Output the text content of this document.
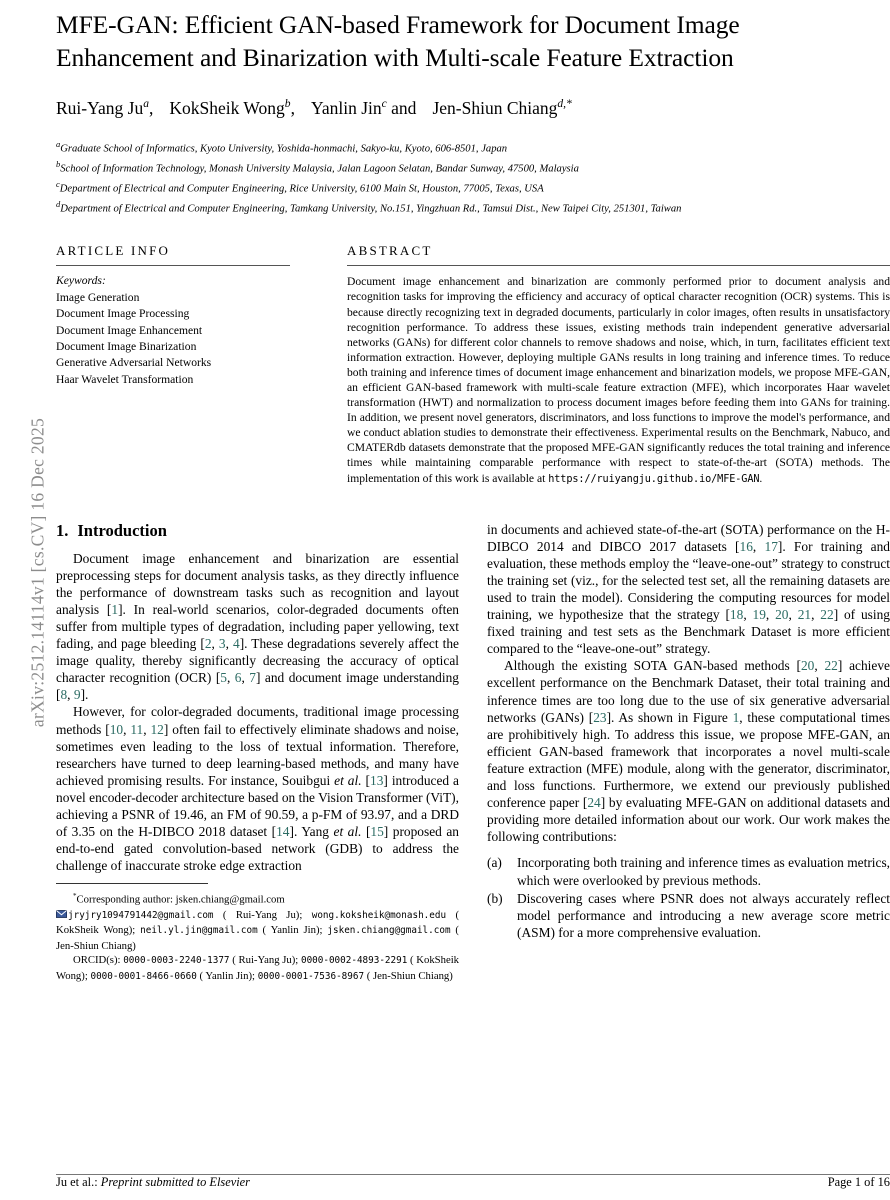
arXiv:2512.14114v1 [cs.CV] 16 Dec 2025
MFE-GAN: Efficient GAN-based Framework for Document Image
Enhancement and Binarization with Multi-scale Feature Extraction
Rui-Yang Ju$^a$, KokSheik Wong$^b$, Yanlin Jin$^c$ and Jen-Shiun Chiang$^{d,*}$
$^a$Graduate School of Informatics, Kyoto University, Yoshida-honmachi, Sakyo-ku, Kyoto, 606-8501, Japan
$^b$School of Information Technology, Monash University Malaysia, Jalan Lagoon Selatan, Bandar Sunway, 47500, Malaysia
$^c$Department of Electrical and Computer Engineering, Rice University, 6100 Main St, Houston, 77005, Texas, USA
$^d$Department of Electrical and Computer Engineering, Tamkang University, No.151, Yingzhuan Rd., Tamsui Dist., New Taipei City, 251301, Taiwan
ARTICLE INFO
Keywords:
Image Generation
Document Image Processing
Document Image Enhancement
Document Image Binarization
Generative Adversarial Networks
Haar Wavelet Transformation
ABSTRACT
Document image enhancement and binarization are commonly performed prior to document analysis and recognition tasks for improving the efficiency and accuracy of optical character recognition (OCR) systems. This is because directly recognizing text in degraded documents, particularly in color images, often results in unsatisfactory recognition performance. To address these issues, existing methods train independent generative adversarial networks (GANs) for different color channels to remove shadows and noise, which, in turn, facilitates efficient text information extraction. However, deploying multiple GANs results in long training and inference times. To reduce both training and inference times of document image enhancement and binarization models, we propose MFE-GAN, an efficient GAN-based framework with multi-scale feature extraction (MFE), which incorporates Haar wavelet transformation (HWT) and normalization to process document images before feeding them into GANs for training. In addition, we present novel generators, discriminators, and loss functions to improve the model's performance, and we conduct ablation studies to demonstrate their effectiveness. Experimental results on the Benchmark, Nabuco, and CMATERdb datasets demonstrate that the proposed MFE-GAN significantly reduces the total training and inference times while maintaining comparable performance with respect to state-of-the-art (SOTA) methods. The implementation of this work is available at https://ruiyangju.github.io/MFE-GAN.
1. Introduction

Document image enhancement and binarization are essential preprocessing steps for document analysis tasks, as they directly influence the performance of downstream tasks such as recognition and layout analysis [1]. In real-world scenarios, color-degraded documents often suffer from multiple types of degradation, including paper yellowing, text fading, and page bleeding [2, 3, 4]. These degradations severely affect the image quality, thereby significantly decreasing the accuracy of optical character recognition (OCR) [5, 6, 7] and document image understanding [8, 9].

However, for color-degraded documents, traditional image processing methods [10, 11, 12] often fail to effectively eliminate shadows and noise, sometimes even leading to the loss of textual information. Therefore, researchers have turned to deep learning-based methods, and many have achieved promising results. For instance, Souibgui et al. [13] introduced a novel encoder-decoder architecture based on the Vision Transformer (ViT), achieving a PSNR of 19.46, an FM of 90.59, a p-FM of 93.97, and a DRD of 3.35 on the H-DIBCO 2018 dataset [14]. Yang et al. [15] proposed an end-to-end gated convolution-based network (GDB) to address the challenge of inaccurate stroke edge extraction

*Corresponding author: jsken.chiang@gmail.com
jryjry1094791442@gmail.com ( Rui-Yang Ju); wong.koksheik@monash.edu ( KokSheik Wong); neil.yl.jin@gmail.com ( Yanlin Jin); jsken.chiang@gmail.com ( Jen-Shiun Chiang)
ORCID(s): 0000-0003-2240-1377 ( Rui-Yang Ju); 0000-0002-4893-2291 ( KokSheik Wong); 0000-0001-8466-0660 ( Yanlin Jin); 0000-0001-7536-8967 ( Jen-Shiun Chiang)

in documents and achieved state-of-the-art (SOTA) performance on the H-DIBCO 2014 and DIBCO 2017 datasets [16, 17]. For training and evaluation, these methods employ the “leave-one-out” strategy to construct the training set (viz., for the selected test set, all the remaining datasets are used to train the model). Considering the computing resources for model training, we hypothesize that the strategy [18, 19, 20, 21, 22] of using fixed training and test sets as the Benchmark Dataset is more efficient compared to the “leave-one-out” strategy.

Although the existing SOTA GAN-based methods [20, 22] achieve excellent performance on the Benchmark Dataset, their total training and inference times are too long due to the use of six generative adversarial networks (GANs) [23]. As shown in Figure 1, these computational times are prohibitively high. To address this issue, we propose MFE-GAN, an efficient GAN-based framework that incorporates a novel multi-scale feature extraction (MFE) module, along with the generator, discriminator, and loss functions. Furthermore, we extend our previously published conference paper [24] by evaluating MFE-GAN on additional datasets and providing more detailed information about our work. Our work makes the following contributions:

(a)	Incorporating both training and inference times as evaluation metrics, which were overlooked by previous methods.
(b)	Discovering cases where PSNR does not always accurately reflect model performance and introducing a new average score metric (ASM) for a more comprehensive evaluation.
Ju et al.: Preprint submitted to Elsevier	Page 1 of 16
